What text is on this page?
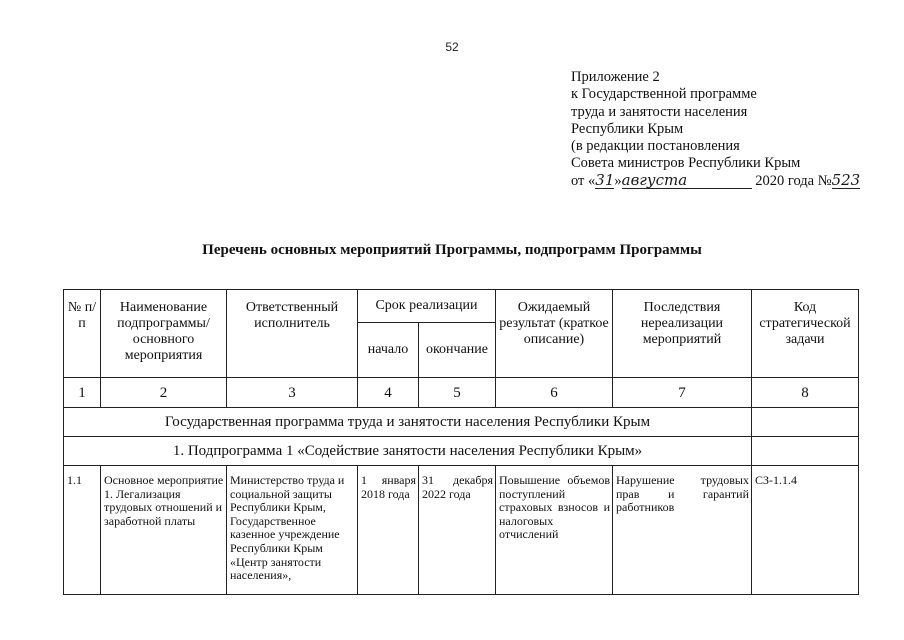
52
Приложение 2
к Государственной программе
труда и занятости населения
Республики Крым
(в редакции постановления
Совета министров Республики Крым
от «31»августа	2020 года №523
Перечень основных мероприятий Программы, подпрограмм Программы
№ п/п	Наименование подпрограммы/основного мероприятия	Ответственный исполнитель	Срок реализации		Ожидаемый результат (краткое описание)	Последствия нереализации мероприятий	Код стратегической задачи
			начало	окончание			
1	2	3	4	5	6	7	8
Государственная программа труда и занятости населения Республики Крым							
1. Подпрограмма 1 «Содействие занятости населения Республики Крым»							
1.1	Основное мероприятие 1. Легализация трудовых отношений и заработной платы	Министерство труда и социальной защиты Республики Крым, Государственное казенное учреждение Республики Крым «Центр занятости населения»,	1 января 2018 года	31 декабря 2022 года	Повышение объемов поступлений страховых взносов и налоговых отчислений	Нарушение трудовых прав и гарантий работников	СЗ-1.1.4
